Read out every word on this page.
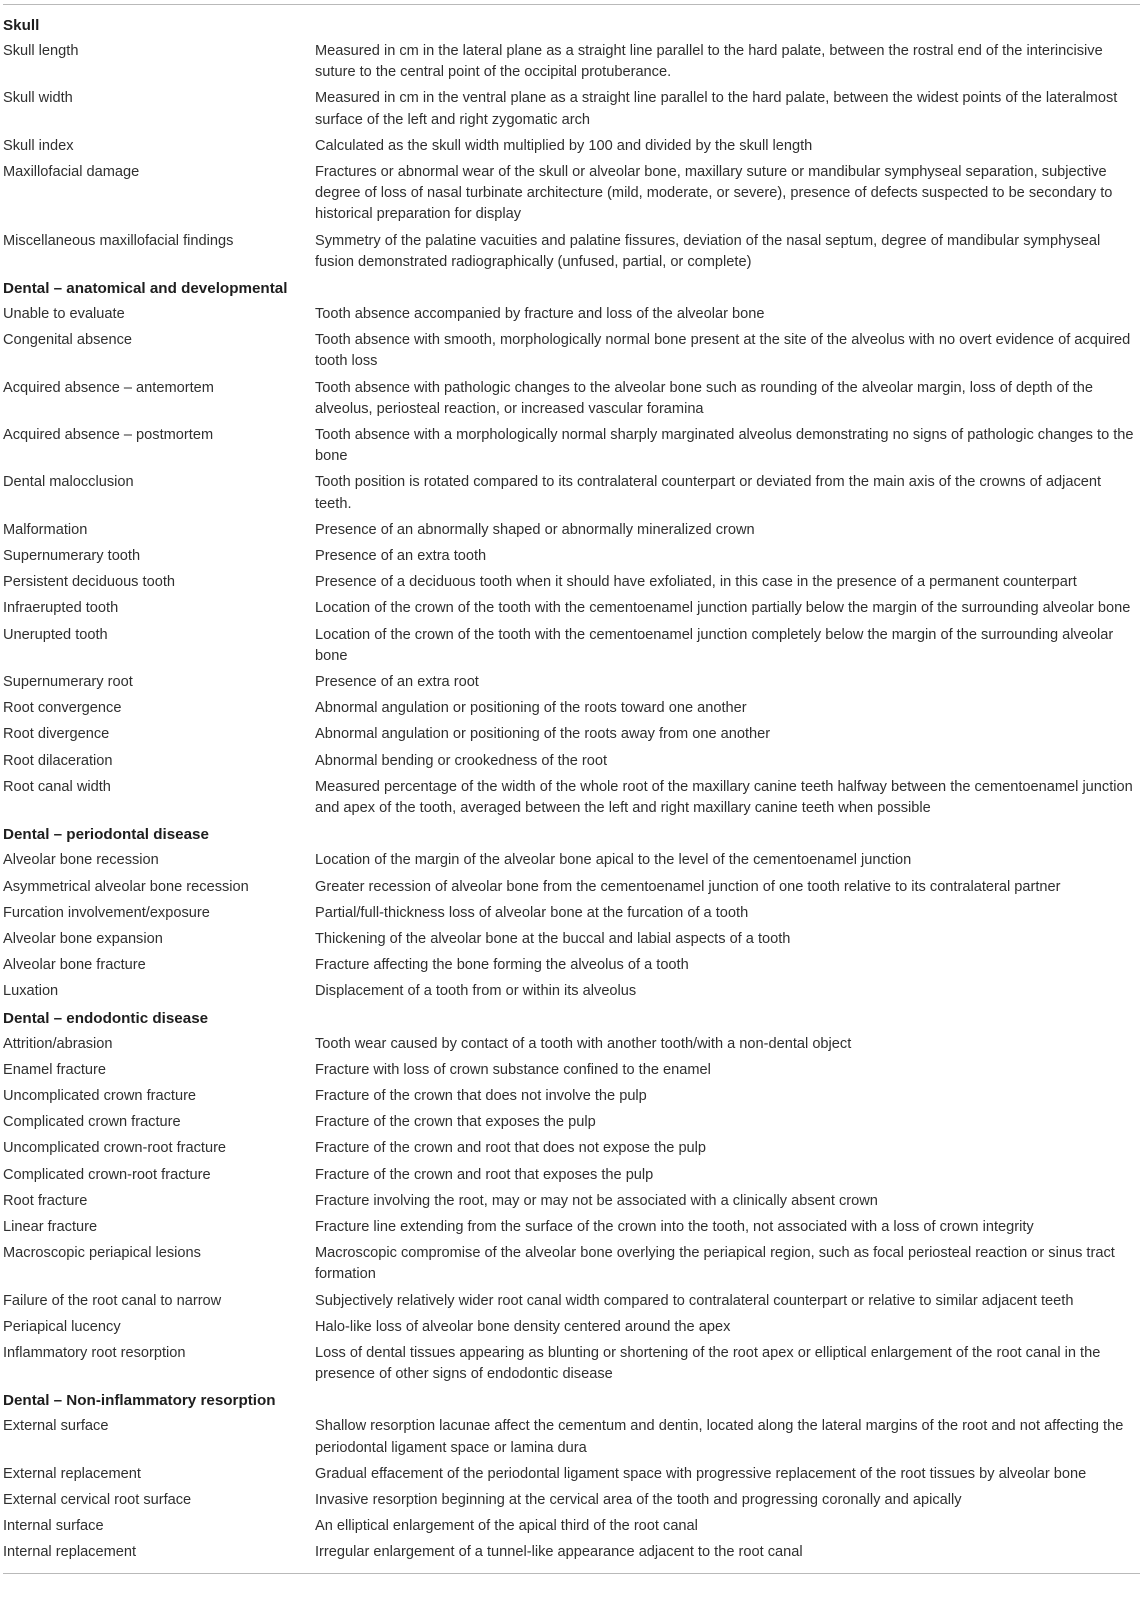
Skull
Skull length	Measured in cm in the lateral plane as a straight line parallel to the hard palate, between the rostral end of the interincisive suture to the central point of the occipital protuberance.
Skull width	Measured in cm in the ventral plane as a straight line parallel to the hard palate, between the widest points of the lateralmost surface of the left and right zygomatic arch
Skull index	Calculated as the skull width multiplied by 100 and divided by the skull length
Maxillofacial damage	Fractures or abnormal wear of the skull or alveolar bone, maxillary suture or mandibular symphyseal separation, subjective degree of loss of nasal turbinate architecture (mild, moderate, or severe), presence of defects suspected to be secondary to historical preparation for display
Miscellaneous maxillofacial findings	Symmetry of the palatine vacuities and palatine fissures, deviation of the nasal septum, degree of mandibular symphyseal fusion demonstrated radiographically (unfused, partial, or complete)
Dental – anatomical and developmental
Unable to evaluate	Tooth absence accompanied by fracture and loss of the alveolar bone
Congenital absence	Tooth absence with smooth, morphologically normal bone present at the site of the alveolus with no overt evidence of acquired tooth loss
Acquired absence – antemortem	Tooth absence with pathologic changes to the alveolar bone such as rounding of the alveolar margin, loss of depth of the alveolus, periosteal reaction, or increased vascular foramina
Acquired absence – postmortem	Tooth absence with a morphologically normal sharply marginated alveolus demonstrating no signs of pathologic changes to the bone
Dental malocclusion	Tooth position is rotated compared to its contralateral counterpart or deviated from the main axis of the crowns of adjacent teeth.
Malformation	Presence of an abnormally shaped or abnormally mineralized crown
Supernumerary tooth	Presence of an extra tooth
Persistent deciduous tooth	Presence of a deciduous tooth when it should have exfoliated, in this case in the presence of a permanent counterpart
Infraerupted tooth	Location of the crown of the tooth with the cementoenamel junction partially below the margin of the surrounding alveolar bone
Unerupted tooth	Location of the crown of the tooth with the cementoenamel junction completely below the margin of the surrounding alveolar bone
Supernumerary root	Presence of an extra root
Root convergence	Abnormal angulation or positioning of the roots toward one another
Root divergence	Abnormal angulation or positioning of the roots away from one another
Root dilaceration	Abnormal bending or crookedness of the root
Root canal width	Measured percentage of the width of the whole root of the maxillary canine teeth halfway between the cementoenamel junction and apex of the tooth, averaged between the left and right maxillary canine teeth when possible
Dental – periodontal disease
Alveolar bone recession	Location of the margin of the alveolar bone apical to the level of the cementoenamel junction
Asymmetrical alveolar bone recession	Greater recession of alveolar bone from the cementoenamel junction of one tooth relative to its contralateral partner
Furcation involvement/exposure	Partial/full-thickness loss of alveolar bone at the furcation of a tooth
Alveolar bone expansion	Thickening of the alveolar bone at the buccal and labial aspects of a tooth
Alveolar bone fracture	Fracture affecting the bone forming the alveolus of a tooth
Luxation	Displacement of a tooth from or within its alveolus
Dental – endodontic disease
Attrition/abrasion	Tooth wear caused by contact of a tooth with another tooth/with a non-dental object
Enamel fracture	Fracture with loss of crown substance confined to the enamel
Uncomplicated crown fracture	Fracture of the crown that does not involve the pulp
Complicated crown fracture	Fracture of the crown that exposes the pulp
Uncomplicated crown-root fracture	Fracture of the crown and root that does not expose the pulp
Complicated crown-root fracture	Fracture of the crown and root that exposes the pulp
Root fracture	Fracture involving the root, may or may not be associated with a clinically absent crown
Linear fracture	Fracture line extending from the surface of the crown into the tooth, not associated with a loss of crown integrity
Macroscopic periapical lesions	Macroscopic compromise of the alveolar bone overlying the periapical region, such as focal periosteal reaction or sinus tract formation
Failure of the root canal to narrow	Subjectively relatively wider root canal width compared to contralateral counterpart or relative to similar adjacent teeth
Periapical lucency	Halo-like loss of alveolar bone density centered around the apex
Inflammatory root resorption	Loss of dental tissues appearing as blunting or shortening of the root apex or elliptical enlargement of the root canal in the presence of other signs of endodontic disease
Dental – Non-inflammatory resorption
External surface	Shallow resorption lacunae affect the cementum and dentin, located along the lateral margins of the root and not affecting the periodontal ligament space or lamina dura
External replacement	Gradual effacement of the periodontal ligament space with progressive replacement of the root tissues by alveolar bone
External cervical root surface	Invasive resorption beginning at the cervical area of the tooth and progressing coronally and apically
Internal surface	An elliptical enlargement of the apical third of the root canal
Internal replacement	Irregular enlargement of a tunnel-like appearance adjacent to the root canal
